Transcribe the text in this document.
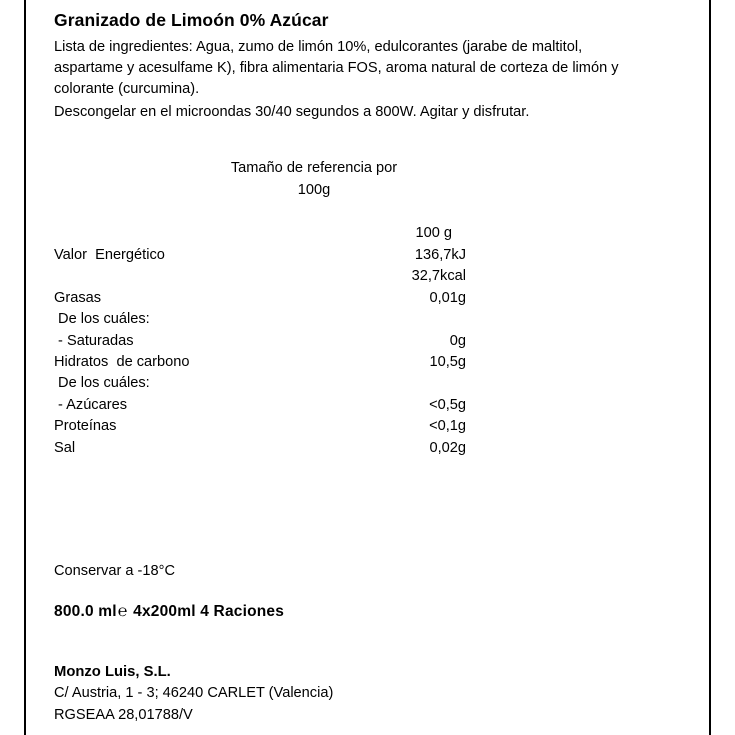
Granizado de Limoón 0% Azúcar
Lista de ingredientes: Agua, zumo de limón 10%, edulcorantes (jarabe de maltitol, aspartame y acesulfame K), fibra alimentaria FOS, aroma natural de corteza de limón y colorante (curcumina).
Descongelar en el microondas 30/40 segundos a 800W. Agitar y disfrutar.
Tamaño de referencia por
100g
	100 g
Valor  Energético	136,7kJ
	32,7kcal
Grasas	0,01g
De los cuáles:	
- Saturadas	0g
Hidratos  de carbono	10,5g
De los cuáles:	
- Azúcares	<0,5g
Proteínas	<0,1g
Sal	0,02g
Conservar a -18°C
800.0 ml℮ 4x200ml 4 Raciones
Monzo Luis, S.L.
C/ Austria, 1 - 3; 46240 CARLET (Valencia)
RGSEAA 28,01788/V
